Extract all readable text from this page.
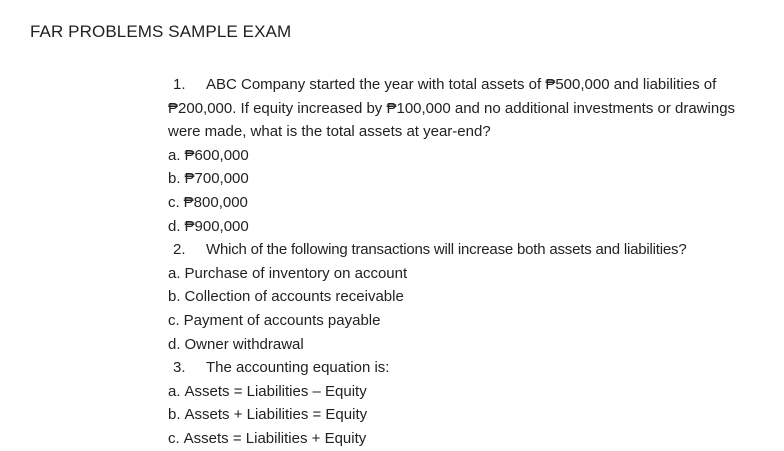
FAR PROBLEMS SAMPLE EXAM
1. ABC Company started the year with total assets of ₱500,000 and liabilities of ₱200,000. If equity increased by ₱100,000 and no additional investments or drawings were made, what is the total assets at year-end?
a. ₱600,000
b. ₱700,000
c. ₱800,000
d. ₱900,000
2. Which of the following transactions will increase both assets and liabilities?
a. Purchase of inventory on account
b. Collection of accounts receivable
c. Payment of accounts payable
d. Owner withdrawal
3. The accounting equation is:
a. Assets = Liabilities – Equity
b. Assets + Liabilities = Equity
c. Assets = Liabilities + Equity
